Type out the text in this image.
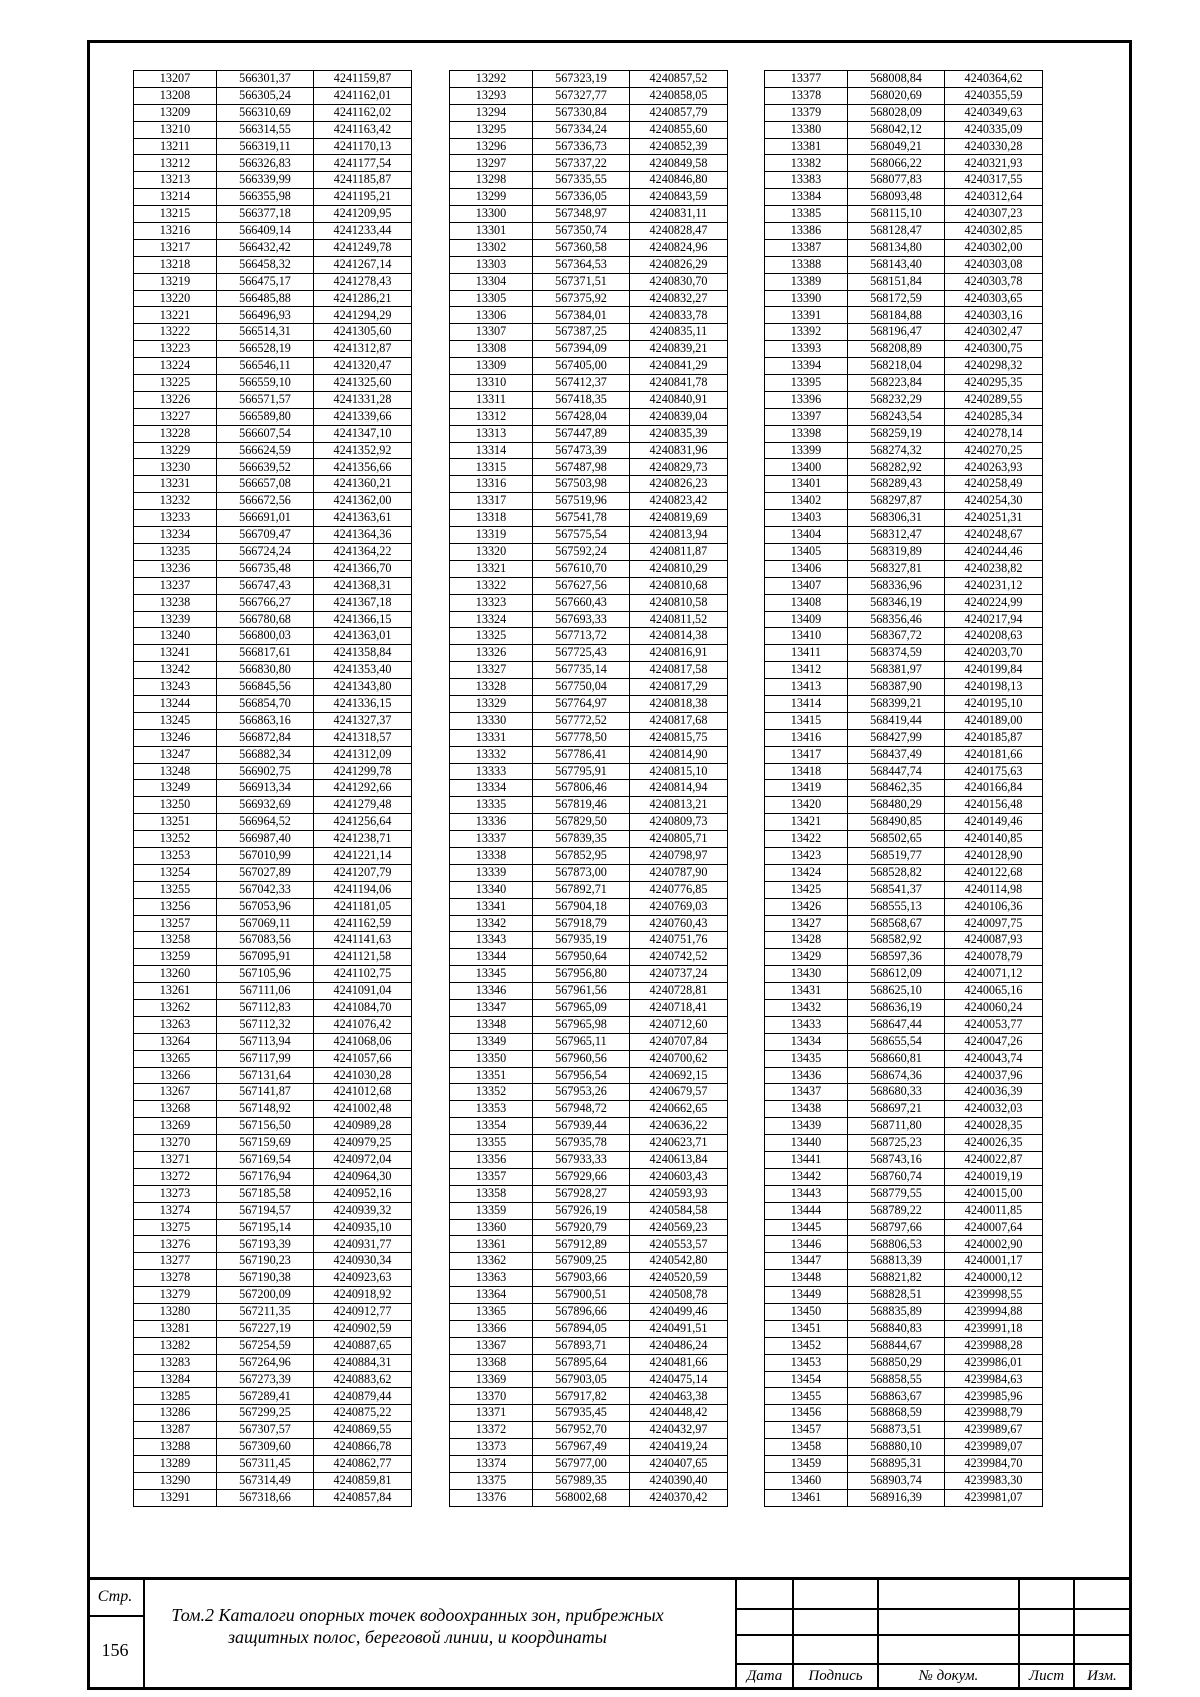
13207	566301,37	4241159,87
13208	566305,24	4241162,01
13209	566310,69	4241162,02
13210	566314,55	4241163,42
13211	566319,11	4241170,13
13212	566326,83	4241177,54
13213	566339,99	4241185,87
13214	566355,98	4241195,21
13215	566377,18	4241209,95
13216	566409,14	4241233,44
13217	566432,42	4241249,78
13218	566458,32	4241267,14
13219	566475,17	4241278,43
13220	566485,88	4241286,21
13221	566496,93	4241294,29
13222	566514,31	4241305,60
13223	566528,19	4241312,87
13224	566546,11	4241320,47
13225	566559,10	4241325,60
13226	566571,57	4241331,28
13227	566589,80	4241339,66
13228	566607,54	4241347,10
13229	566624,59	4241352,92
13230	566639,52	4241356,66
13231	566657,08	4241360,21
13232	566672,56	4241362,00
13233	566691,01	4241363,61
13234	566709,47	4241364,36
13235	566724,24	4241364,22
13236	566735,48	4241366,70
13237	566747,43	4241368,31
13238	566766,27	4241367,18
13239	566780,68	4241366,15
13240	566800,03	4241363,01
13241	566817,61	4241358,84
13242	566830,80	4241353,40
13243	566845,56	4241343,80
13244	566854,70	4241336,15
13245	566863,16	4241327,37
13246	566872,84	4241318,57
13247	566882,34	4241312,09
13248	566902,75	4241299,78
13249	566913,34	4241292,66
13250	566932,69	4241279,48
13251	566964,52	4241256,64
13252	566987,40	4241238,71
13253	567010,99	4241221,14
13254	567027,89	4241207,79
13255	567042,33	4241194,06
13256	567053,96	4241181,05
13257	567069,11	4241162,59
13258	567083,56	4241141,63
13259	567095,91	4241121,58
13260	567105,96	4241102,75
13261	567111,06	4241091,04
13262	567112,83	4241084,70
13263	567112,32	4241076,42
13264	567113,94	4241068,06
13265	567117,99	4241057,66
13266	567131,64	4241030,28
13267	567141,87	4241012,68
13268	567148,92	4241002,48
13269	567156,50	4240989,28
13270	567159,69	4240979,25
13271	567169,54	4240972,04
13272	567176,94	4240964,30
13273	567185,58	4240952,16
13274	567194,57	4240939,32
13275	567195,14	4240935,10
13276	567193,39	4240931,77
13277	567190,23	4240930,34
13278	567190,38	4240923,63
13279	567200,09	4240918,92
13280	567211,35	4240912,77
13281	567227,19	4240902,59
13282	567254,59	4240887,65
13283	567264,96	4240884,31
13284	567273,39	4240883,62
13285	567289,41	4240879,44
13286	567299,25	4240875,22
13287	567307,57	4240869,55
13288	567309,60	4240866,78
13289	567311,45	4240862,77
13290	567314,49	4240859,81
13291	567318,66	4240857,84
13292	567323,19	4240857,52
13293	567327,77	4240858,05
13294	567330,84	4240857,79
13295	567334,24	4240855,60
13296	567336,73	4240852,39
13297	567337,22	4240849,58
13298	567335,55	4240846,80
13299	567336,05	4240843,59
13300	567348,97	4240831,11
13301	567350,74	4240828,47
13302	567360,58	4240824,96
13303	567364,53	4240826,29
13304	567371,51	4240830,70
13305	567375,92	4240832,27
13306	567384,01	4240833,78
13307	567387,25	4240835,11
13308	567394,09	4240839,21
13309	567405,00	4240841,29
13310	567412,37	4240841,78
13311	567418,35	4240840,91
13312	567428,04	4240839,04
13313	567447,89	4240835,39
13314	567473,39	4240831,96
13315	567487,98	4240829,73
13316	567503,98	4240826,23
13317	567519,96	4240823,42
13318	567541,78	4240819,69
13319	567575,54	4240813,94
13320	567592,24	4240811,87
13321	567610,70	4240810,29
13322	567627,56	4240810,68
13323	567660,43	4240810,58
13324	567693,33	4240811,52
13325	567713,72	4240814,38
13326	567725,43	4240816,91
13327	567735,14	4240817,58
13328	567750,04	4240817,29
13329	567764,97	4240818,38
13330	567772,52	4240817,68
13331	567778,50	4240815,75
13332	567786,41	4240814,90
13333	567795,91	4240815,10
13334	567806,46	4240814,94
13335	567819,46	4240813,21
13336	567829,50	4240809,73
13337	567839,35	4240805,71
13338	567852,95	4240798,97
13339	567873,00	4240787,90
13340	567892,71	4240776,85
13341	567904,18	4240769,03
13342	567918,79	4240760,43
13343	567935,19	4240751,76
13344	567950,64	4240742,52
13345	567956,80	4240737,24
13346	567961,56	4240728,81
13347	567965,09	4240718,41
13348	567965,98	4240712,60
13349	567965,11	4240707,84
13350	567960,56	4240700,62
13351	567956,54	4240692,15
13352	567953,26	4240679,57
13353	567948,72	4240662,65
13354	567939,44	4240636,22
13355	567935,78	4240623,71
13356	567933,33	4240613,84
13357	567929,66	4240603,43
13358	567928,27	4240593,93
13359	567926,19	4240584,58
13360	567920,79	4240569,23
13361	567912,89	4240553,57
13362	567909,25	4240542,80
13363	567903,66	4240520,59
13364	567900,51	4240508,78
13365	567896,66	4240499,46
13366	567894,05	4240491,51
13367	567893,71	4240486,24
13368	567895,64	4240481,66
13369	567903,05	4240475,14
13370	567917,82	4240463,38
13371	567935,45	4240448,42
13372	567952,70	4240432,97
13373	567967,49	4240419,24
13374	567977,00	4240407,65
13375	567989,35	4240390,40
13376	568002,68	4240370,42
13377	568008,84	4240364,62
13378	568020,69	4240355,59
13379	568028,09	4240349,63
13380	568042,12	4240335,09
13381	568049,21	4240330,28
13382	568066,22	4240321,93
13383	568077,83	4240317,55
13384	568093,48	4240312,64
13385	568115,10	4240307,23
13386	568128,47	4240302,85
13387	568134,80	4240302,00
13388	568143,40	4240303,08
13389	568151,84	4240303,78
13390	568172,59	4240303,65
13391	568184,88	4240303,16
13392	568196,47	4240302,47
13393	568208,89	4240300,75
13394	568218,04	4240298,32
13395	568223,84	4240295,35
13396	568232,29	4240289,55
13397	568243,54	4240285,34
13398	568259,19	4240278,14
13399	568274,32	4240270,25
13400	568282,92	4240263,93
13401	568289,43	4240258,49
13402	568297,87	4240254,30
13403	568306,31	4240251,31
13404	568312,47	4240248,67
13405	568319,89	4240244,46
13406	568327,81	4240238,82
13407	568336,96	4240231,12
13408	568346,19	4240224,99
13409	568356,46	4240217,94
13410	568367,72	4240208,63
13411	568374,59	4240203,70
13412	568381,97	4240199,84
13413	568387,90	4240198,13
13414	568399,21	4240195,10
13415	568419,44	4240189,00
13416	568427,99	4240185,87
13417	568437,49	4240181,66
13418	568447,74	4240175,63
13419	568462,35	4240166,84
13420	568480,29	4240156,48
13421	568490,85	4240149,46
13422	568502,65	4240140,85
13423	568519,77	4240128,90
13424	568528,82	4240122,68
13425	568541,37	4240114,98
13426	568555,13	4240106,36
13427	568568,67	4240097,75
13428	568582,92	4240087,93
13429	568597,36	4240078,79
13430	568612,09	4240071,12
13431	568625,10	4240065,16
13432	568636,19	4240060,24
13433	568647,44	4240053,77
13434	568655,54	4240047,26
13435	568660,81	4240043,74
13436	568674,36	4240037,96
13437	568680,33	4240036,39
13438	568697,21	4240032,03
13439	568711,80	4240028,35
13440	568725,23	4240026,35
13441	568743,16	4240022,87
13442	568760,74	4240019,19
13443	568779,55	4240015,00
13444	568789,22	4240011,85
13445	568797,66	4240007,64
13446	568806,53	4240002,90
13447	568813,39	4240001,17
13448	568821,82	4240000,12
13449	568828,51	4239998,55
13450	568835,89	4239994,88
13451	568840,83	4239991,18
13452	568844,67	4239988,28
13453	568850,29	4239986,01
13454	568858,55	4239984,63
13455	568863,67	4239985,96
13456	568868,59	4239988,79
13457	568873,51	4239989,67
13458	568880,10	4239989,07
13459	568895,31	4239984,70
13460	568903,74	4239983,30
13461	568916,39	4239981,07
Стр.
156
Том.2 Каталоги опорных точек водоохранных зон, прибрежных защитных полос, береговой линии, и координаты
Дата	Подпись	№ докум.	Лист	Изм.
